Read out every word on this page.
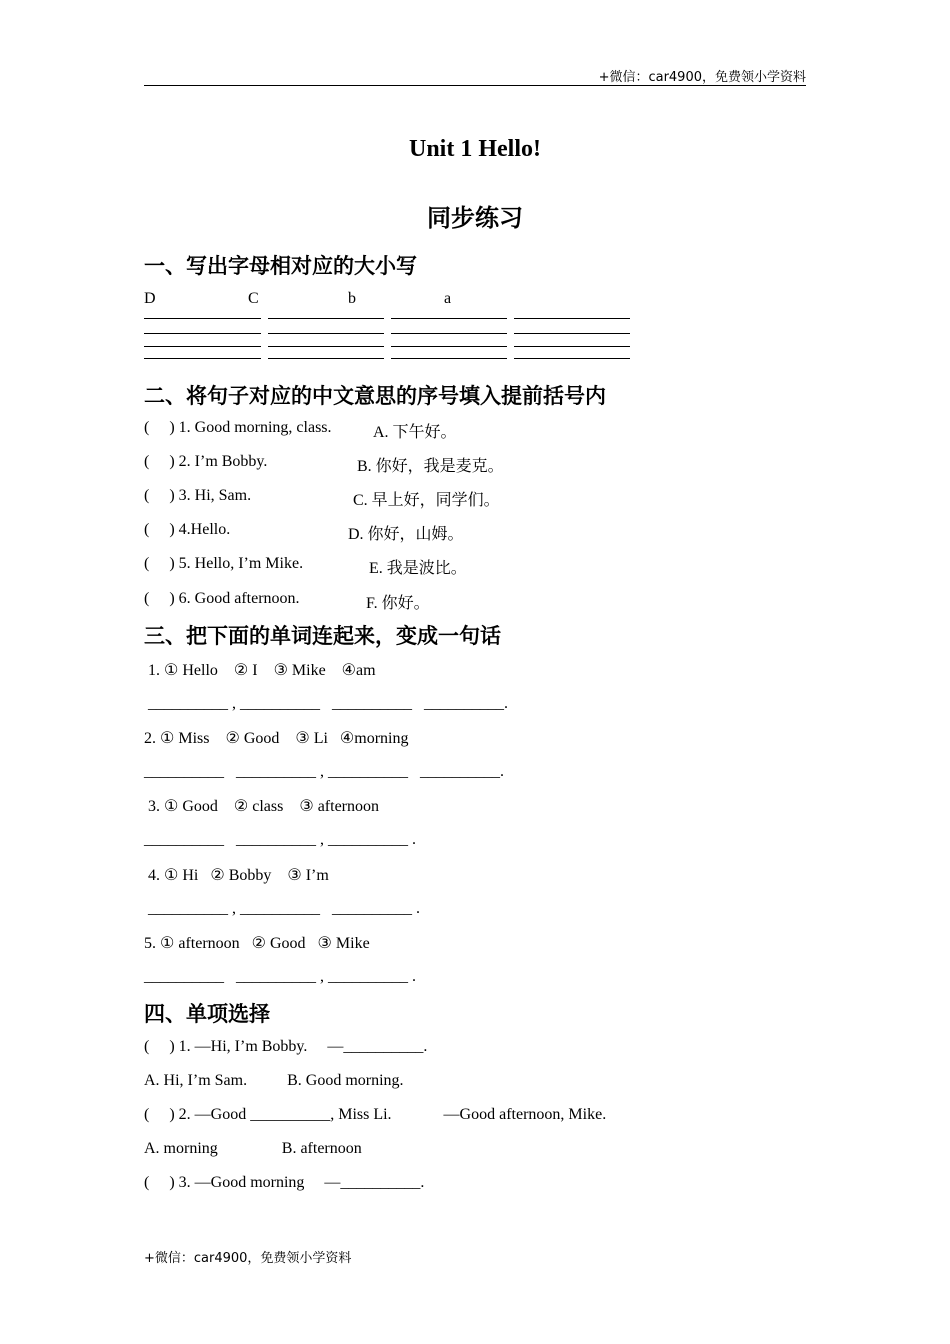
+微信：car4900，免费领小学资料
Unit 1 Hello!
同步练习
一、写出字母相对应的大小写
D	C	b	a
二、将句子对应的中文意思的序号填入提前括号内
(     ) 1. Good morning, class.	A. 下午好。
(     ) 2. I’m Bobby.	B. 你好，我是麦克。
(     ) 3. Hi, Sam.	C. 早上好，同学们。
(     ) 4.Hello.	D. 你好，山姆。
(     ) 5. Hello, I’m Mike.	E. 我是波比。
(     ) 6. Good afternoon.	F. 你好。
三、把下面的单词连起来，变成一句话
1. ① Hello    ② I    ③ Mike    ④am
__________ , __________   __________   __________.
2. ① Miss    ② Good    ③ Li   ④morning
__________   __________ , __________   __________.
3. ① Good    ② class    ③ afternoon
__________   __________ , __________ .
4. ① Hi   ② Bobby    ③ I’m
__________ , __________   __________ .
5. ① afternoon   ② Good   ③ Mike
__________   __________ , __________ .
四、单项选择
(     ) 1. —Hi, I’m Bobby.     —__________.
A. Hi, I’m Sam.          B. Good morning.
(     ) 2. —Good __________, Miss Li.             —Good afternoon, Mike.
A. morning                B. afternoon
(     ) 3. —Good morning     —__________.
+微信：car4900，免费领小学资料
